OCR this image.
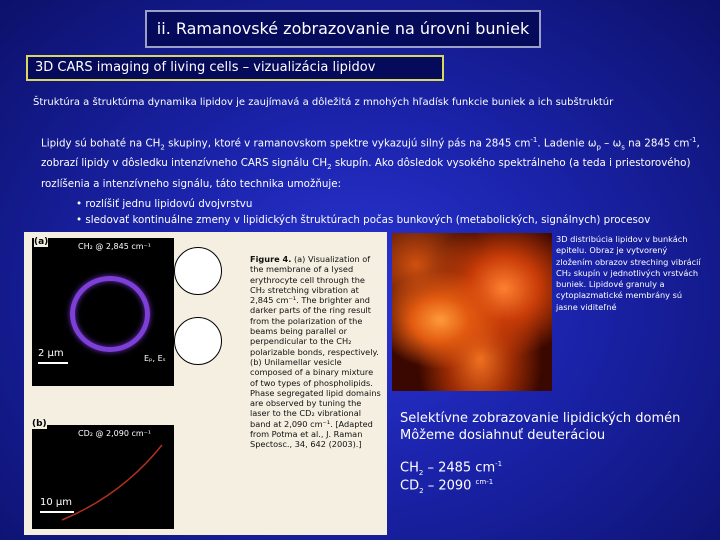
ii. Ramanovské zobrazovanie na úrovni buniek
3D CARS imaging of living cells – vizualizácia lipidov
Štruktúra a štruktúrna dynamika lipidov je zaujímavá a dôležitá z mnohých hľadísk funkcie buniek a ich subštruktúr
Lipidy sú bohaté na $CH_2$ skupiny, ktoré v ramanovskom spektre vykazujú silný pás na 2845 $cm^{-1}$. Ladenie $\omega_p - \omega_s$ na 2845 $cm^{-1}$, zobrazí lipidy v dôsledku intenzívneho CARS signálu $CH_2$ skupín. Ako dôsledok vysokého spektrálneho (a teda i priestorového) rozlíšenia a intenzívneho signálu, táto technika umožňuje:
• rozlíšiť jednu lipidovú dvojvrstvu
• sledovať kontinuálne zmeny v lipidických štruktúrach počas bunkových (metabolických, signálnych) procesov
(a)	CH₂ @ 2,845 cm⁻¹
2 μm	Eₚ, Eₛ
(b)
CD₂ @ 2,090 cm⁻¹
10 μm
Figure 4. (a) Visualization of the membrane of a lysed erythrocyte cell through the CH₂ stretching vibration at 2,845 cm⁻¹. The brighter and darker parts of the ring result from the polarization of the beams being parallel or perpendicular to the CH₂ polarizable bonds, respectively. (b) Unilamellar vesicle composed of a binary mixture of two types of phospholipids. Phase segregated lipid domains are observed by tuning the laser to the CD₂ vibrational band at 2,090 cm⁻¹. [Adapted from Potma et al., J. Raman Spectosc., 34, 642 (2003).]
3D distribúcia lipidov v bunkách epitelu. Obraz je vytvorený zložením obrazov streching vibrácií CH₂ skupín v jednotlivých vrstvách buniek. Lipidové granuly a cytoplazmatické membrány sú jasne viditeľné
Selektívne zobrazovanie lipidických domén
Môžeme dosiahnuť deuteráciou
$CH_2 - 2485$ $cm^{-1}$
$CD_2 - 2090$ $^{cm-1}$
